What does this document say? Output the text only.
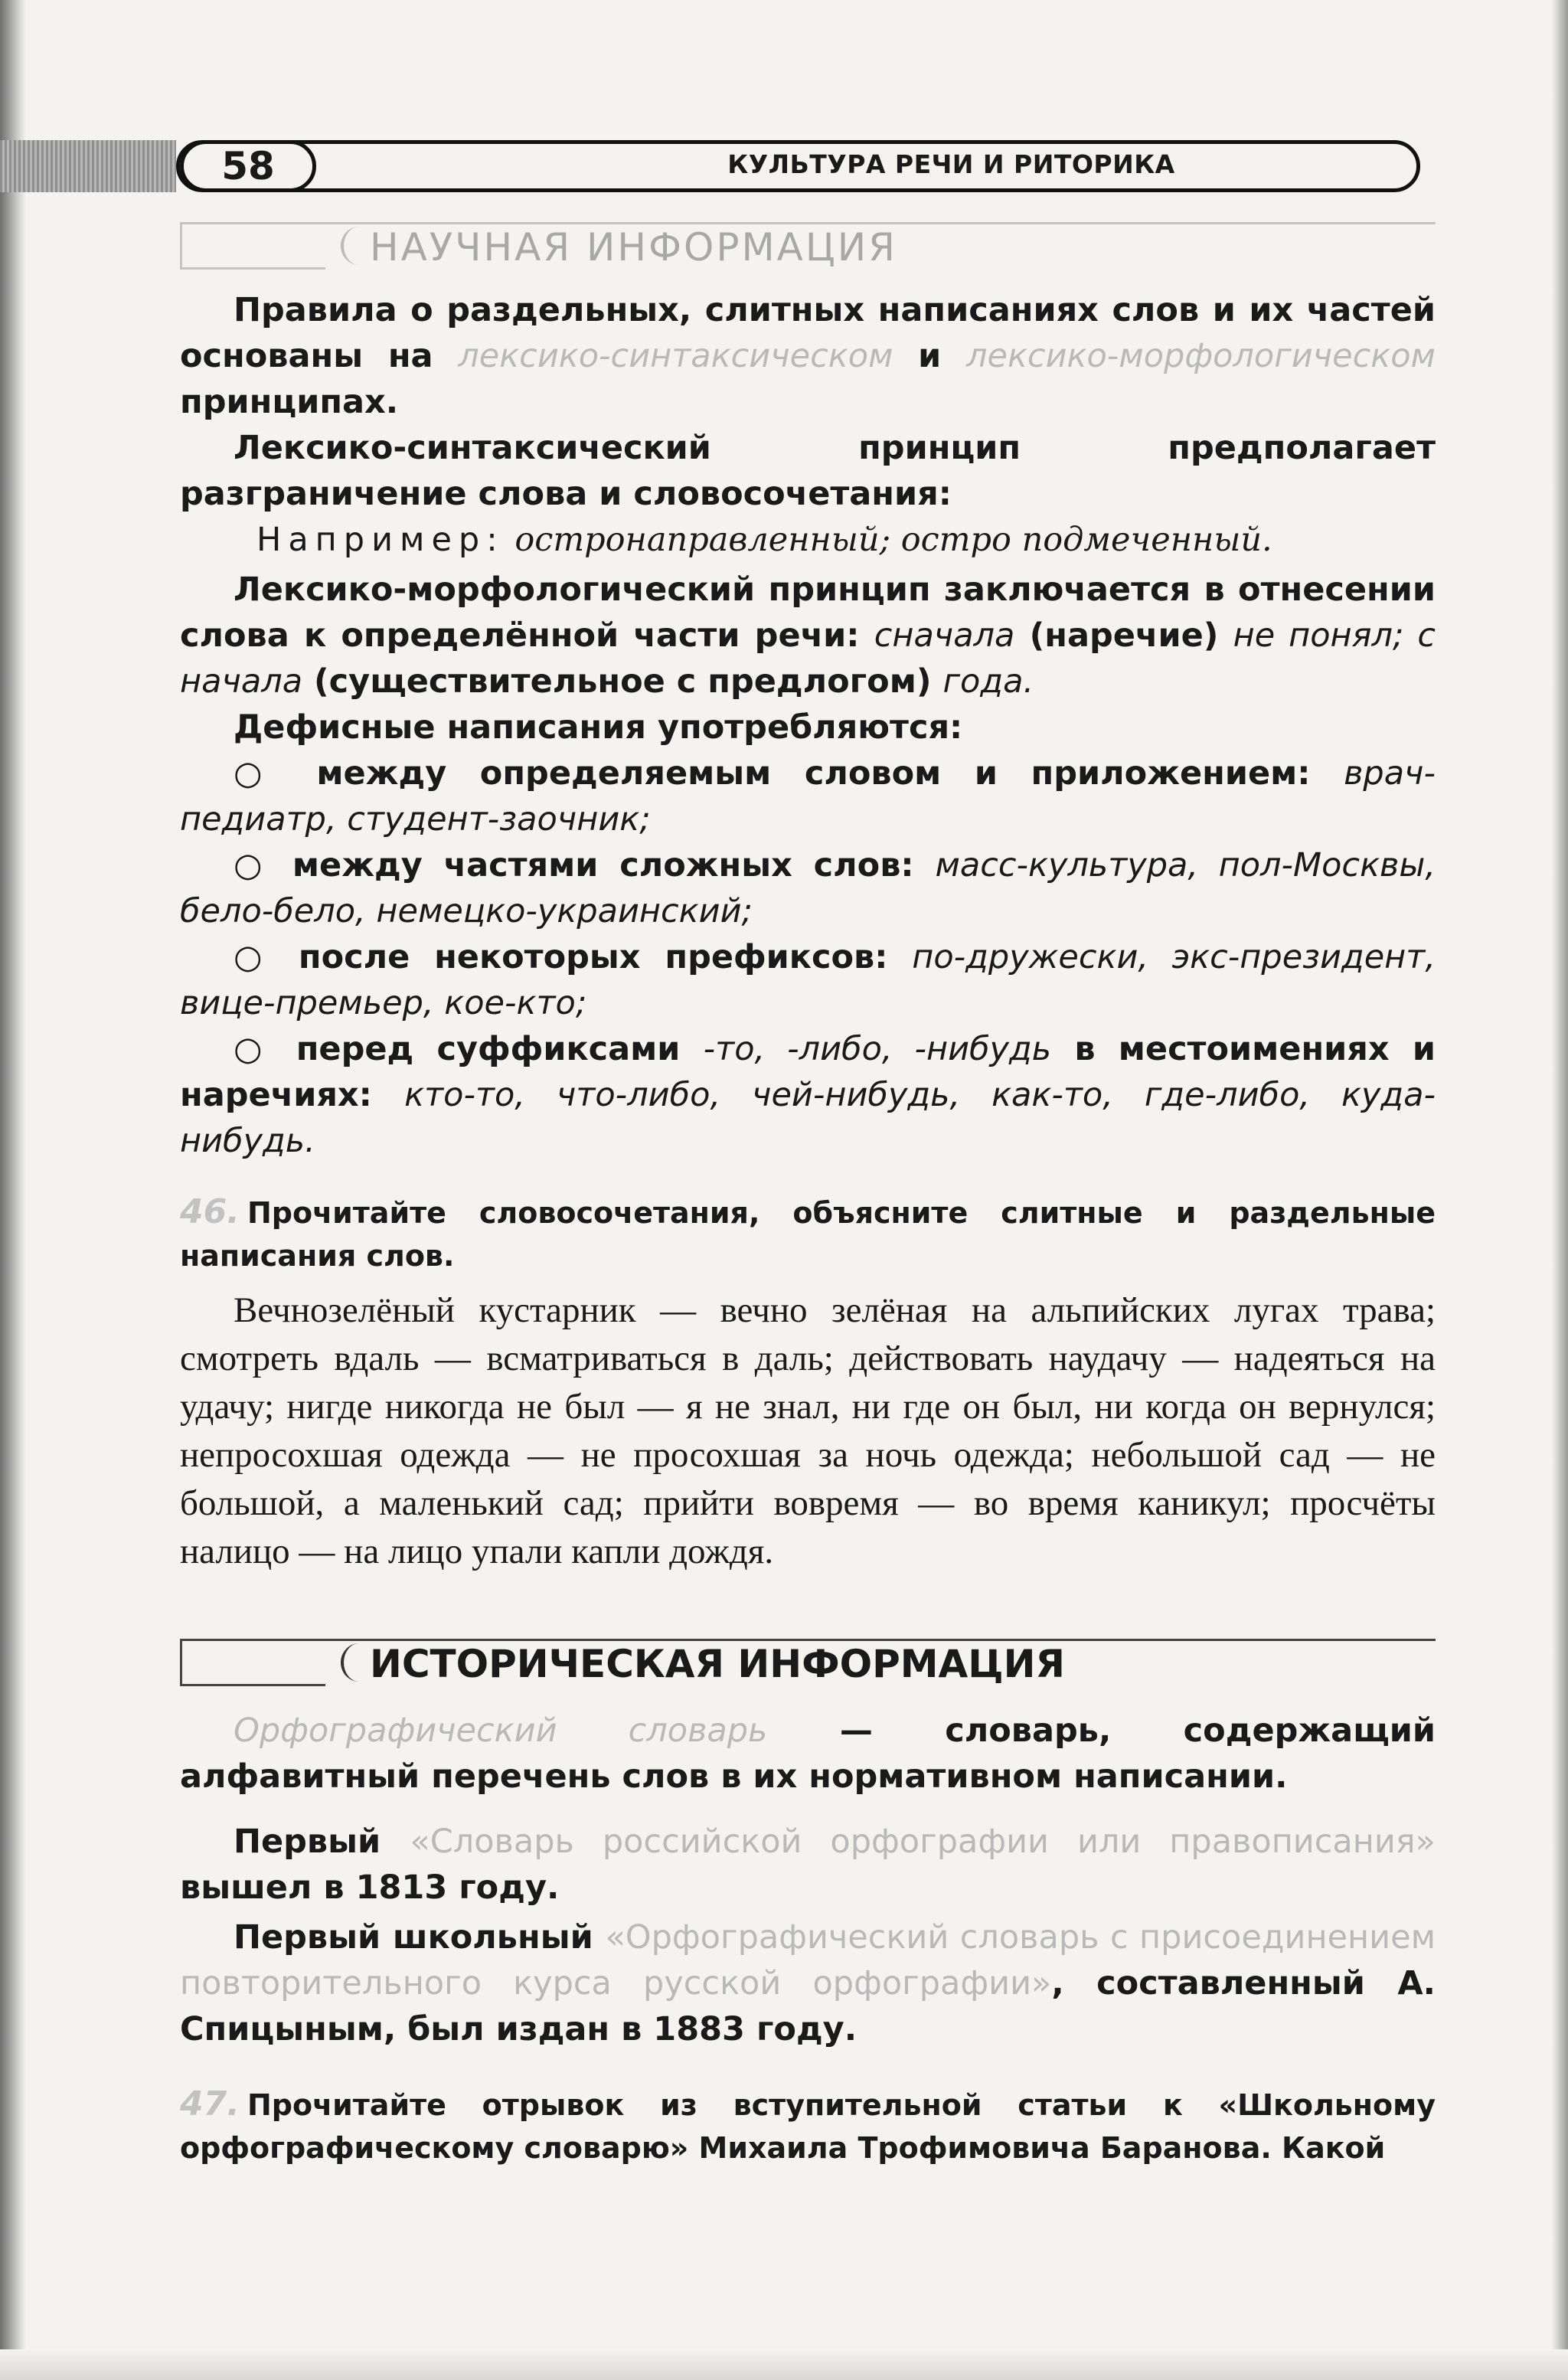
58	КУЛЬТУРА РЕЧИ И РИТОРИКА
НАУЧНАЯ ИНФОРМАЦИЯ

Правила о раздельных, слитных написаниях слов и их частей основаны на лексико-синтаксическом и лексико-морфологическом принципах.

Лексико-синтаксический принцип предполагает разграничение слова и словосочетания:

Например: остронаправленный; остро подмеченный.

Лексико-морфологический принцип заключается в отнесении слова к определённой части речи: сначала (наречие) не понял; с начала (существительное с предлогом) года.

Дефисные написания употребляются:

○ между определяемым словом и приложением: врач-педиатр, студент-заочник;

○ между частями сложных слов: масс-культура, пол-Москвы, бело-бело, немецко-украинский;

○ после некоторых префиксов: по-дружески, экс-президент, вице-премьер, кое-кто;

○ перед суффиксами -то, -либо, -нибудь в местоимениях и наречиях: кто-то, что-либо, чей-нибудь, как-то, где-либо, куда-нибудь.

46. Прочитайте словосочетания, объясните слитные и раздельные написания слов.

Вечнозелёный кустарник — вечно зелёная на альпийских лугах трава; смотреть вдаль — всматриваться в даль; действовать наудачу — надеяться на удачу; нигде никогда не был — я не знал, ни где он был, ни когда он вернулся; непросохшая одежда — не просохшая за ночь одежда; небольшой сад — не большой, а маленький сад; прийти вовремя — во время каникул; просчёты налицо — на лицо упали капли дождя.

ИСТОРИЧЕСКАЯ ИНФОРМАЦИЯ

Орфографический словарь — словарь, содержащий алфавитный перечень слов в их нормативном написании.

Первый «Словарь российской орфографии или правописания» вышел в 1813 году.

Первый школьный «Орфографический словарь с присоединением повторительного курса русской орфографии», составленный А. Спицыным, был издан в 1883 году.

47. Прочитайте отрывок из вступительной статьи к «Школьному орфографическому словарю» Михаила Трофимовича Баранова. Какой
